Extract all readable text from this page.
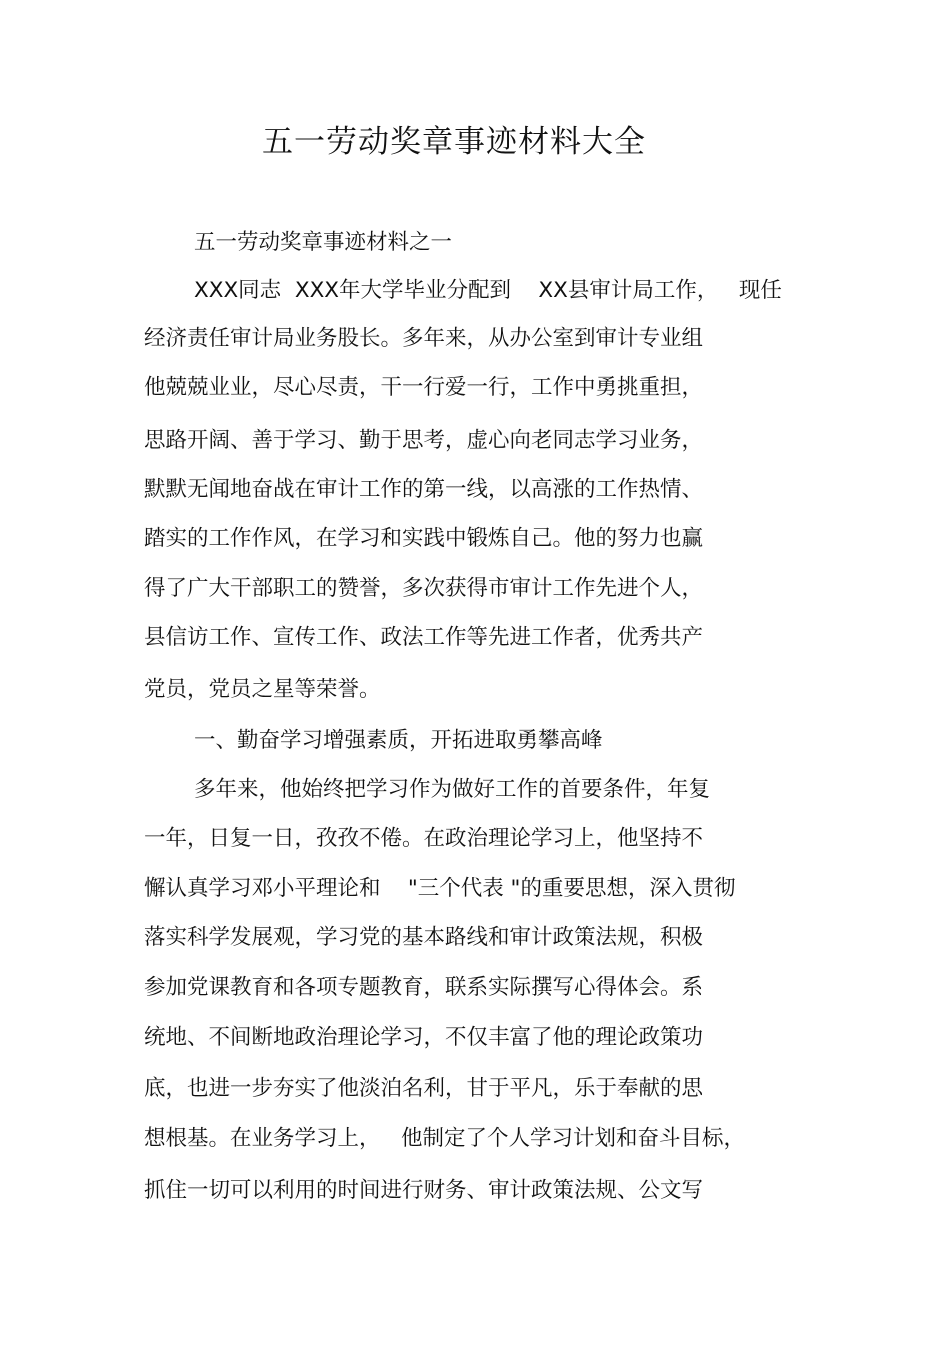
五一劳动奖章事迹材料大全
五一劳动奖章事迹材料之一
XXX同志  XXX年大学毕业分配到    XX县审计局工作，   现任
经济责任审计局业务股长。多年来，从办公室到审计专业组
他兢兢业业，尽心尽责，干一行爱一行，工作中勇挑重担，
思路开阔、善于学习、勤于思考，虚心向老同志学习业务，
默默无闻地奋战在审计工作的第一线，以高涨的工作热情、
踏实的工作作风，在学习和实践中锻炼自己。他的努力也赢
得了广大干部职工的赞誉，多次获得市审计工作先进个人，
县信访工作、宣传工作、政法工作等先进工作者，优秀共产
党员，党员之星等荣誉。
一、勤奋学习增强素质，开拓进取勇攀高峰
多年来，他始终把学习作为做好工作的首要条件，年复
一年，日复一日，孜孜不倦。在政治理论学习上，他坚持不
懈认真学习邓小平理论和    "三个代表 "的重要思想，深入贯彻
落实科学发展观，学习党的基本路线和审计政策法规，积极
参加党课教育和各项专题教育，联系实际撰写心得体会。系
统地、不间断地政治理论学习，不仅丰富了他的理论政策功
底，也进一步夯实了他淡泊名利，甘于平凡，乐于奉献的思
想根基。在业务学习上，   他制定了个人学习计划和奋斗目标，
抓住一切可以利用的时间进行财务、审计政策法规、公文写
